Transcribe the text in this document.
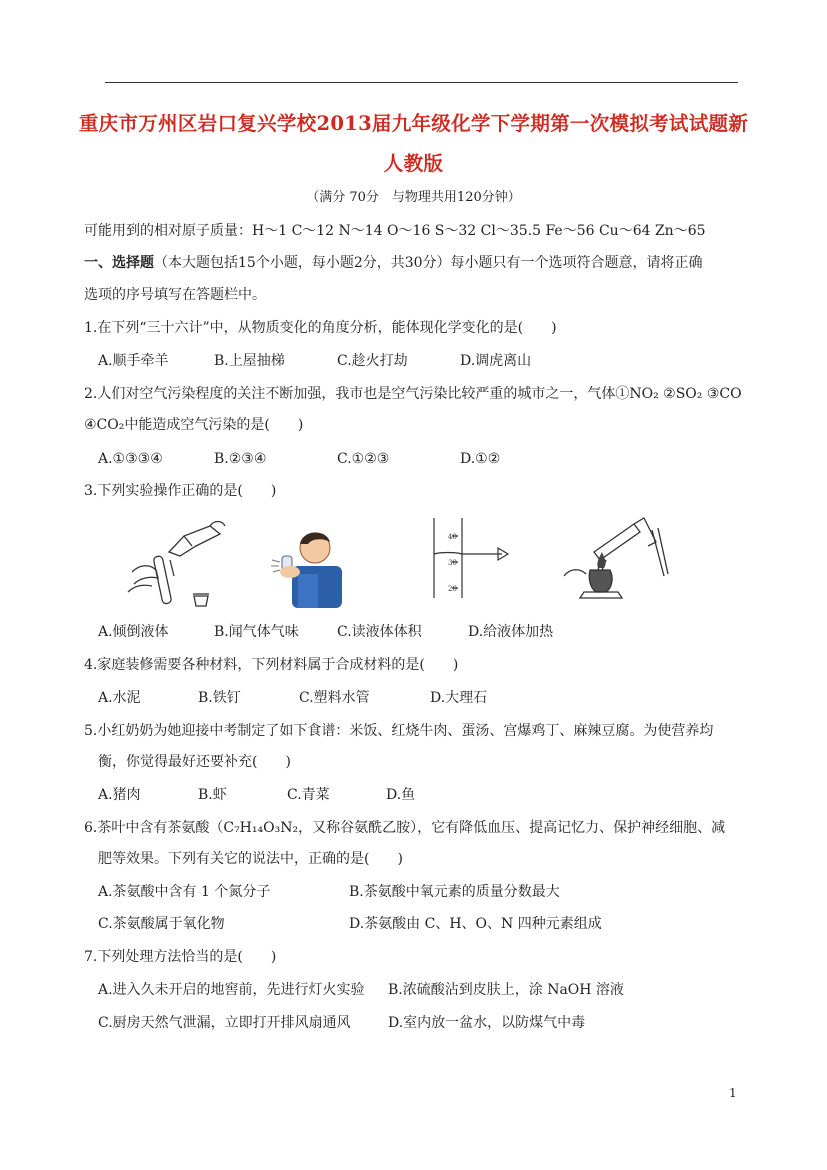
重庆市万州区岩口复兴学校2013届九年级化学下学期第一次模拟考试试题新
人教版
（满分 70分　与物理共用120分钟）
可能用到的相对原子质量：H～1 C～12 N～14 O～16 S～32 Cl～35.5 Fe～56 Cu～64 Zn～65
一、选择题（本大题包括15个小题，每小题2分，共30分）每小题只有一个选项符合题意，请将正确
选项的序号填写在答题栏中。
1.在下列“三十六计”中，从物质变化的角度分析，能体现化学变化的是(　　)
A.顺手牵羊	B.上屋抽梯	C.趁火打劫	D.调虎离山
2.人们对空气污染程度的关注不断加强，我市也是空气污染比较严重的城市之一，气体①NO₂ ②SO₂ ③CO
④CO₂中能造成空气污染的是(　　)
A.①③③④	B.②③④	C.①②③	D.①②
3.下列实验操作正确的是(　　)
40
30
20
A.倾倒液体	B.闻气体气味	C.读液体体积	D.给液体加热
4.家庭装修需要各种材料，下列材料属于合成材料的是(　　)
A.水泥	B.铁钉	C.塑料水管	D.大理石
5.小红奶奶为她迎接中考制定了如下食谱：米饭、红烧牛肉、蛋汤、宫爆鸡丁、麻辣豆腐。为使营养均
衡，你觉得最好还要补充(　　)
A.猪肉	B.虾	C.青菜	D.鱼
6.茶叶中含有茶氨酸（C₇H₁₄O₃N₂，又称谷氨酰乙胺），它有降低血压、提高记忆力、保护神经细胞、减
肥等效果。下列有关它的说法中，正确的是(　　)
A.茶氨酸中含有 1 个氮分子	B.茶氨酸中氧元素的质量分数最大
C.茶氨酸属于氧化物	D.茶氨酸由 C、H、O、N 四种元素组成
7.下列处理方法恰当的是(　　)
A.进入久未开启的地窖前，先进行灯火实验 B.浓硫酸沾到皮肤上，涂 NaOH 溶液
C.厨房天然气泄漏，立即打开排风扇通风	D.室内放一盆水，以防煤气中毒
1
